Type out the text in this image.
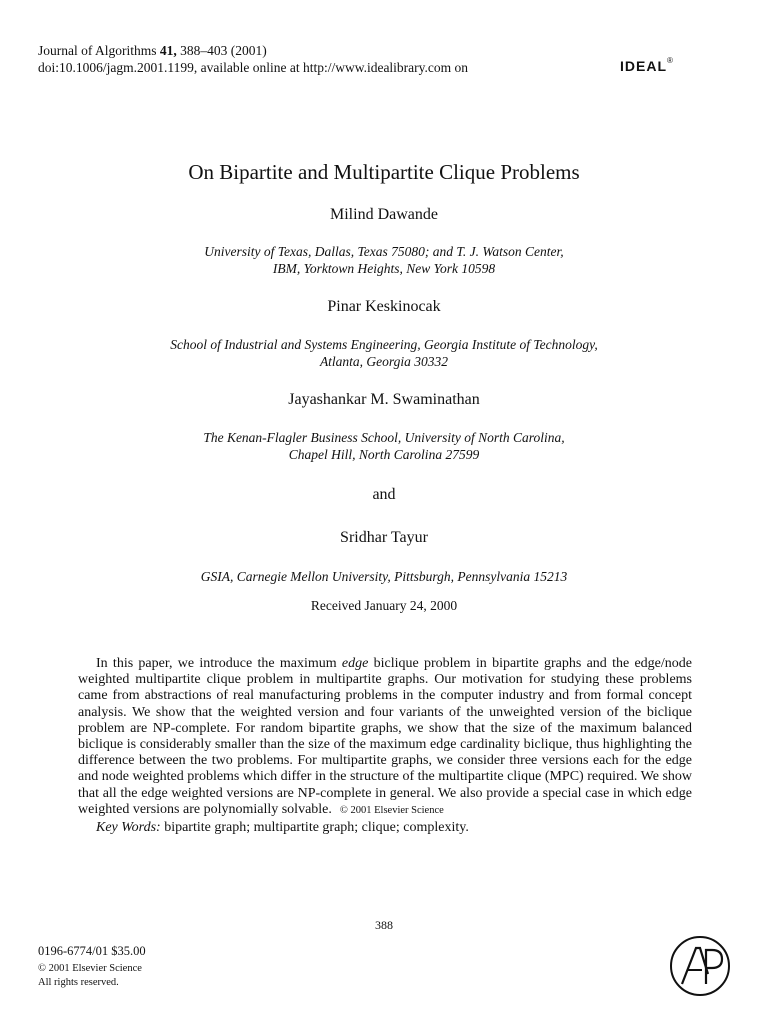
Journal of Algorithms 41, 388–403 (2001)
doi:10.1006/jagm.2001.1199, available online at http://www.idealibrary.com on	IDEAL®
On Bipartite and Multipartite Clique Problems
Milind Dawande
University of Texas, Dallas, Texas 75080; and T. J. Watson Center,
IBM, Yorktown Heights, New York 10598
Pinar Keskinocak
School of Industrial and Systems Engineering, Georgia Institute of Technology,
Atlanta, Georgia 30332
Jayashankar M. Swaminathan
The Kenan-Flagler Business School, University of North Carolina,
Chapel Hill, North Carolina 27599
and
Sridhar Tayur
GSIA, Carnegie Mellon University, Pittsburgh, Pennsylvania 15213
Received January 24, 2000

In this paper, we introduce the maximum edge biclique problem in bipartite graphs and the edge/node weighted multipartite clique problem in multipartite graphs. Our motivation for studying these problems came from abstractions of real manufacturing problems in the computer industry and from formal concept analysis. We show that the weighted version and four variants of the unweighted version of the biclique problem are NP-complete. For random bipartite graphs, we show that the size of the maximum balanced biclique is considerably smaller than the size of the maximum edge cardinality biclique, thus highlighting the difference between the two problems. For multipartite graphs, we consider three versions each for the edge and node weighted problems which differ in the structure of the multipartite clique (MPC) required. We show that all the edge weighted versions are NP-complete in general. We also provide a special case in which edge weighted versions are polynomially solvable. © 2001 Elsevier Science

Key Words: bipartite graph; multipartite graph; clique; complexity.

388
0196-6774/01 $35.00
© 2001 Elsevier Science
All rights reserved.
